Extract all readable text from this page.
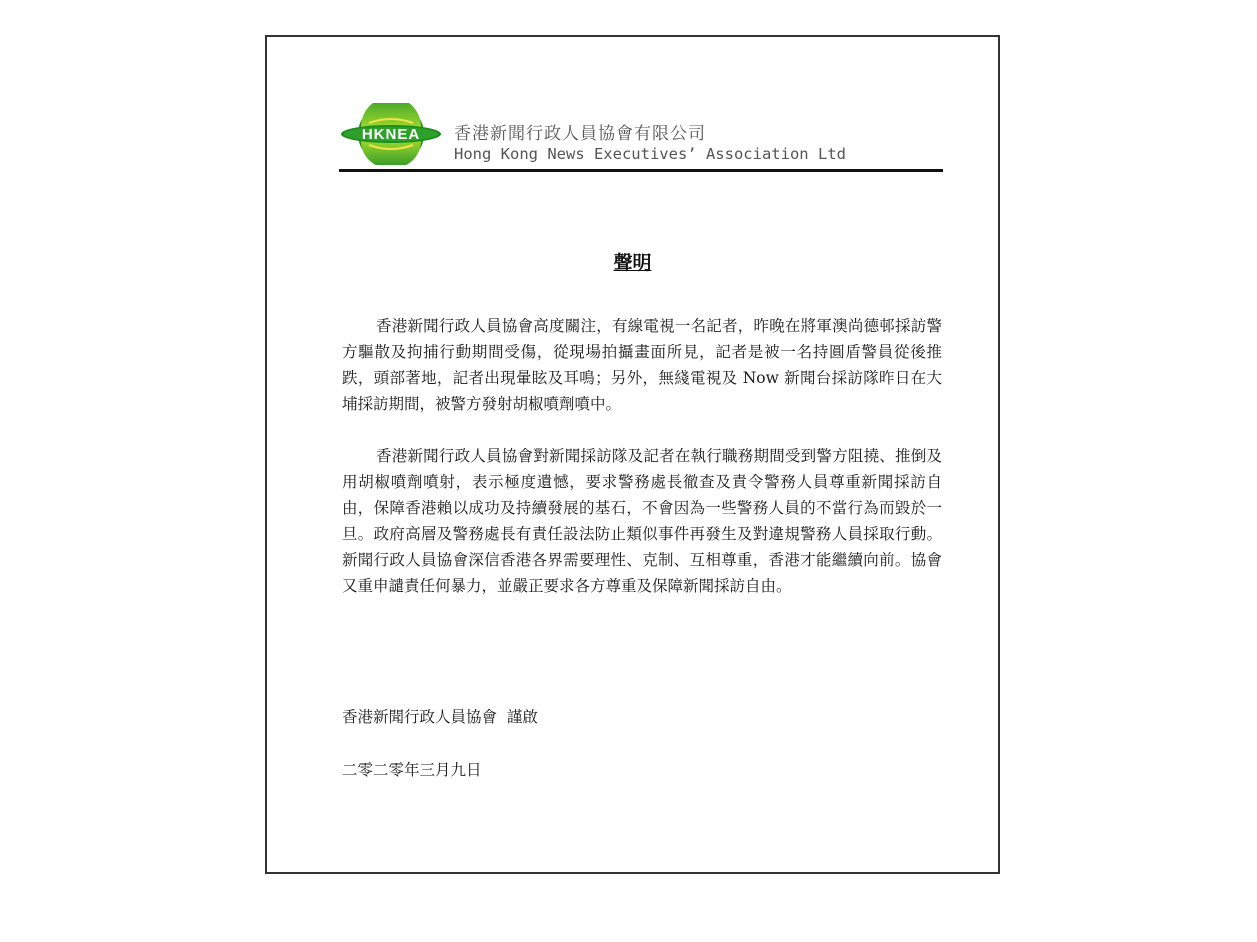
HKNEA 香港新聞行政人員協會有限公司
Hong Kong News Executives’ Association Ltd
聲明
香港新聞行政人員協會高度關注，有線電視一名記者，昨晚在將軍澳尚德邨採訪警方驅散及拘捕行動期間受傷，從現場拍攝畫面所見，記者是被一名持圓盾警員從後推跌，頭部著地，記者出現暈眩及耳鳴；另外，無綫電視及 Now 新聞台採訪隊昨日在大埔採訪期間，被警方發射胡椒噴劑噴中。
香港新聞行政人員協會對新聞採訪隊及記者在執行職務期間受到警方阻撓、推倒及用胡椒噴劑噴射，表示極度遺憾，要求警務處長徹查及責令警務人員尊重新聞採訪自由，保障香港賴以成功及持續發展的基石，不會因為一些警務人員的不當行為而毀於一旦。政府高層及警務處長有責任設法防止類似事件再發生及對違規警務人員採取行動。新聞行政人員協會深信香港各界需要理性、克制、互相尊重，香港才能繼續向前。協會又重申譴責任何暴力，並嚴正要求各方尊重及保障新聞採訪自由。
香港新聞行政人員協會  謹啟
二零二零年三月九日
